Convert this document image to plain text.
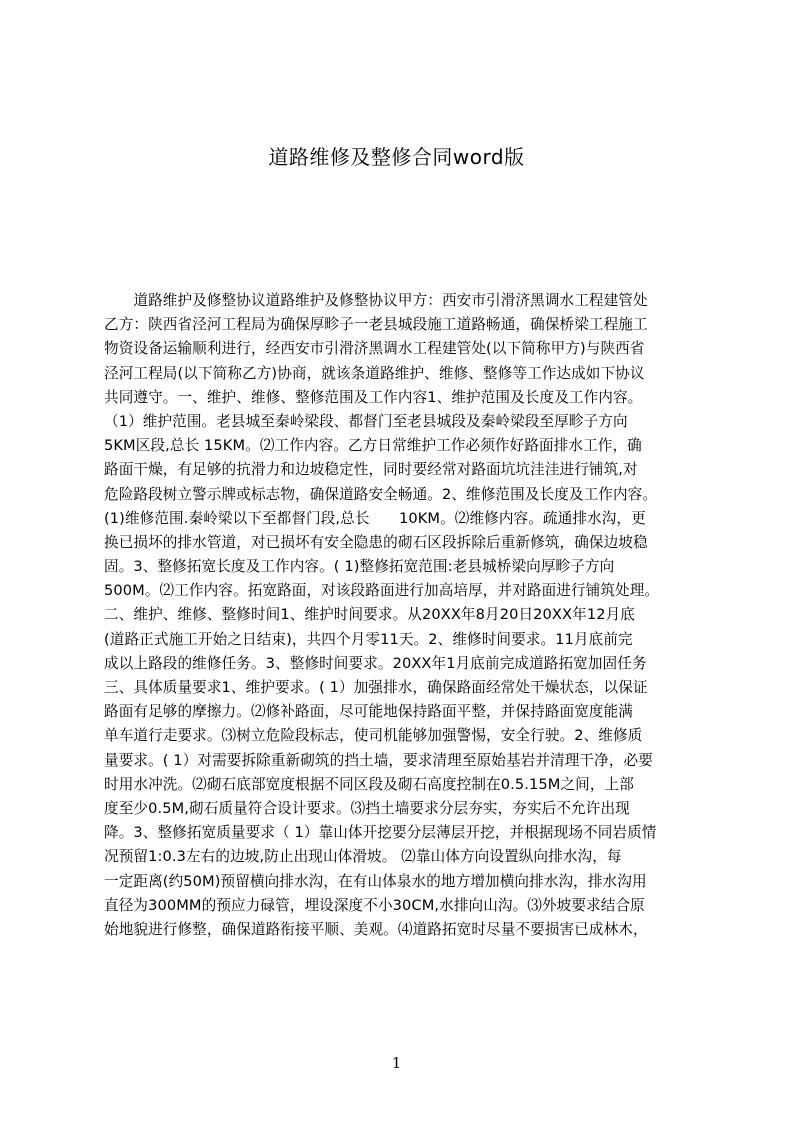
道路维修及整修合同word版
　　道路维护及修整协议道路维护及修整协议甲方：西安市引滑济黑调水工程建管处
乙方：陕西省泾河工程局为确保厚畛子一老县城段施工道路畅通，确保桥梁工程施工
物资设备运输顺利进行，经西安市引滑济黑调水工程建管处(以下简称甲方)与陕西省
泾河工程局(以下简称乙方)协商，就该条道路维护、维修、整修等工作达成如下协议
共同遵守。一、维护、维修、整修范围及工作内容1、维护范围及长度及工作内容。
（1）维护范围。老县城至秦岭梁段、都督门至老县城段及秦岭梁段至厚畛子方向
5KM区段,总长 15KM。⑵工作内容。乙方日常维护工作必须作好路面排水工作，确
路面干燥，有足够的抗滑力和边坡稳定性，同时要经常对路面坑坑洼洼进行铺筑,对
危险路段树立警示牌或标志物，确保道路安全畅通。2、维修范围及长度及工作内容。
(1)维修范围.秦岭梁以下至都督门段,总长　　10KM。⑵维修内容。疏通排水沟，更
换已损坏的排水管道，对已损坏有安全隐患的砌石区段拆除后重新修筑，确保边坡稳
固。3、整修拓宽长度及工作内容。( 1)整修拓宽范围:老县城桥梁向厚畛子方向
500M。⑵工作内容。拓宽路面，对该段路面进行加高培厚，并对路面进行铺筑处理。
二、维护、维修、整修时间1、维护时间要求。从20XX年8月20日20XX年12月底
(道路正式施工开始之日结束)，共四个月零11天。2、维修时间要求。11月底前完
成以上路段的维修任务。3、整修时间要求。20XX年1月底前完成道路拓宽加固任务
三、具体质量要求1、维护要求。( 1）加强排水，确保路面经常处干燥状态，以保证
路面有足够的摩擦力。⑵修补路面，尽可能地保持路面平整，并保持路面宽度能满
单车道行走要求。⑶树立危险段标志，使司机能够加强警惕，安全行驶。2、维修质
量要求。( 1）对需要拆除重新砌筑的挡土墙，要求清理至原始基岩并清理干净，必要
时用水冲洗。⑵砌石底部宽度根据不同区段及砌石高度控制在0.5.15M之间，上部
度至少0.5M,砌石质量符合设计要求。⑶挡土墙要求分层夯实，夯实后不允许出现
降。3、整修拓宽质量要求（ 1）靠山体开挖要分层薄层开挖，并根据现场不同岩质情
况预留1:0.3左右的边坡,防止出现山体滑坡。 ⑵靠山体方向设置纵向排水沟，每
一定距离(约50M)预留横向排水沟，在有山体泉水的地方增加横向排水沟，排水沟用
直径为300MM的预应力碌管，埋设深度不小30CM,水排向山沟。⑶外坡要求结合原
始地貌进行修整，确保道路衔接平顺、美观。⑷道路拓宽时尽量不要损害已成林木，
1
